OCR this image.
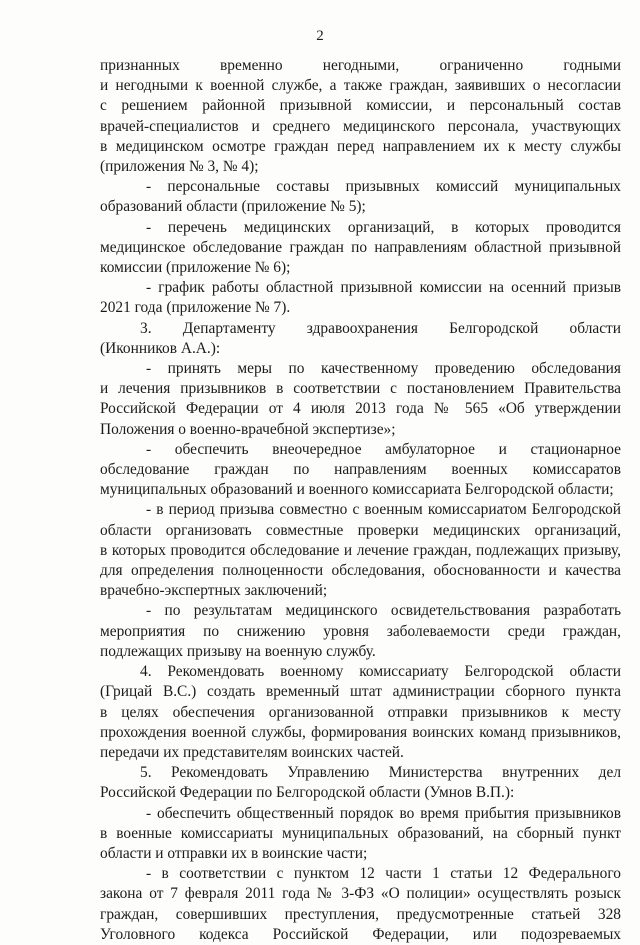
2
признанных временно негодными, ограниченно годными
и негодными к военной службе, а также граждан, заявивших о несогласии
с решением районной призывной комиссии, и персональный состав
врачей-специалистов и среднего медицинского персонала, участвующих
в медицинском осмотре граждан перед направлением их к месту службы
(приложения № 3, № 4);
- персональные составы призывных комиссий муниципальных
образований области (приложение № 5);
- перечень медицинских организаций, в которых проводится
медицинское обследование граждан по направлениям областной призывной
комиссии (приложение № 6);
- график работы областной призывной комиссии на осенний призыв
2021 года (приложение № 7).
3. Департаменту здравоохранения Белгородской области
(Иконников А.А.):
- принять меры по качественному проведению обследования
и лечения призывников в соответствии с постановлением Правительства
Российской Федерации от 4 июля 2013 года № 565 «Об утверждении
Положения о военно-врачебной экспертизе»;
- обеспечить внеочередное амбулаторное и стационарное
обследование граждан по направлениям военных комиссаратов
муниципальных образований и военного комиссариата Белгородской области;
- в период призыва совместно с военным комиссариатом Белгородской
области организовать совместные проверки медицинских организаций,
в которых проводится обследование и лечение граждан, подлежащих призыву,
для определения полноценности обследования, обоснованности и качества
врачебно-экспертных заключений;
- по результатам медицинского освидетельствования разработать
мероприятия по снижению уровня заболеваемости среди граждан,
подлежащих призыву на военную службу.
4. Рекомендовать военному комиссариату Белгородской области
(Грицай В.С.) создать временный штат администрации сборного пункта
в целях обеспечения организованной отправки призывников к месту
прохождения военной службы, формирования воинских команд призывников,
передачи их представителям воинских частей.
5. Рекомендовать Управлению Министерства внутренних дел
Российской Федерации по Белгородской области (Умнов В.П.):
- обеспечить общественный порядок во время прибытия призывников
в военные комиссариаты муниципальных образований, на сборный пункт
области и отправки их в воинские части;
- в соответствии с пунктом 12 части 1 статьи 12 Федерального
закона от 7 февраля 2011 года № 3-ФЗ «О полиции» осуществлять розыск
граждан, совершивших преступления, предусмотренные статьей 328
Уголовного кодекса Российской Федерации, или подозреваемых
